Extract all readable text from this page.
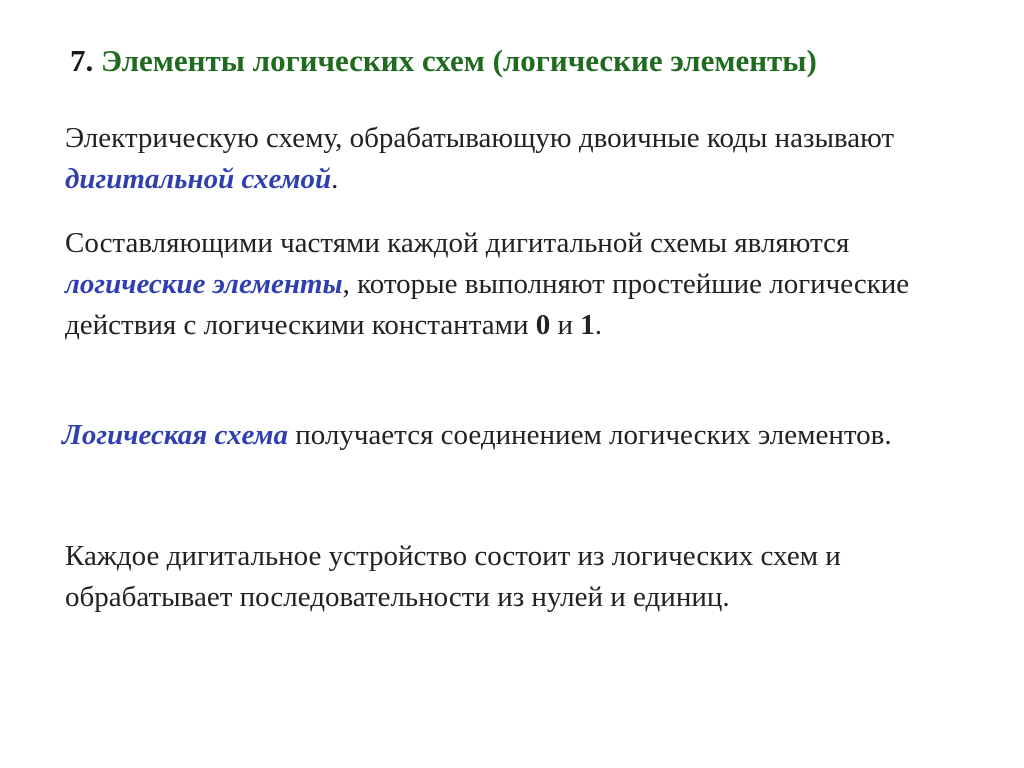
7. Элементы логических схем (логические элементы)

Электрическую схему, обрабатывающую двоичные коды называют дигитальной схемой.

Составляющими частями каждой дигитальной схемы являются логические элементы, которые выполняют простейшие логические действия с логическими константами 0 и 1.

Логическая схема получается соединением логических элементов.

Каждое дигитальное устройство состоит из логических схем и обрабатывает последовательности из нулей и единиц.
